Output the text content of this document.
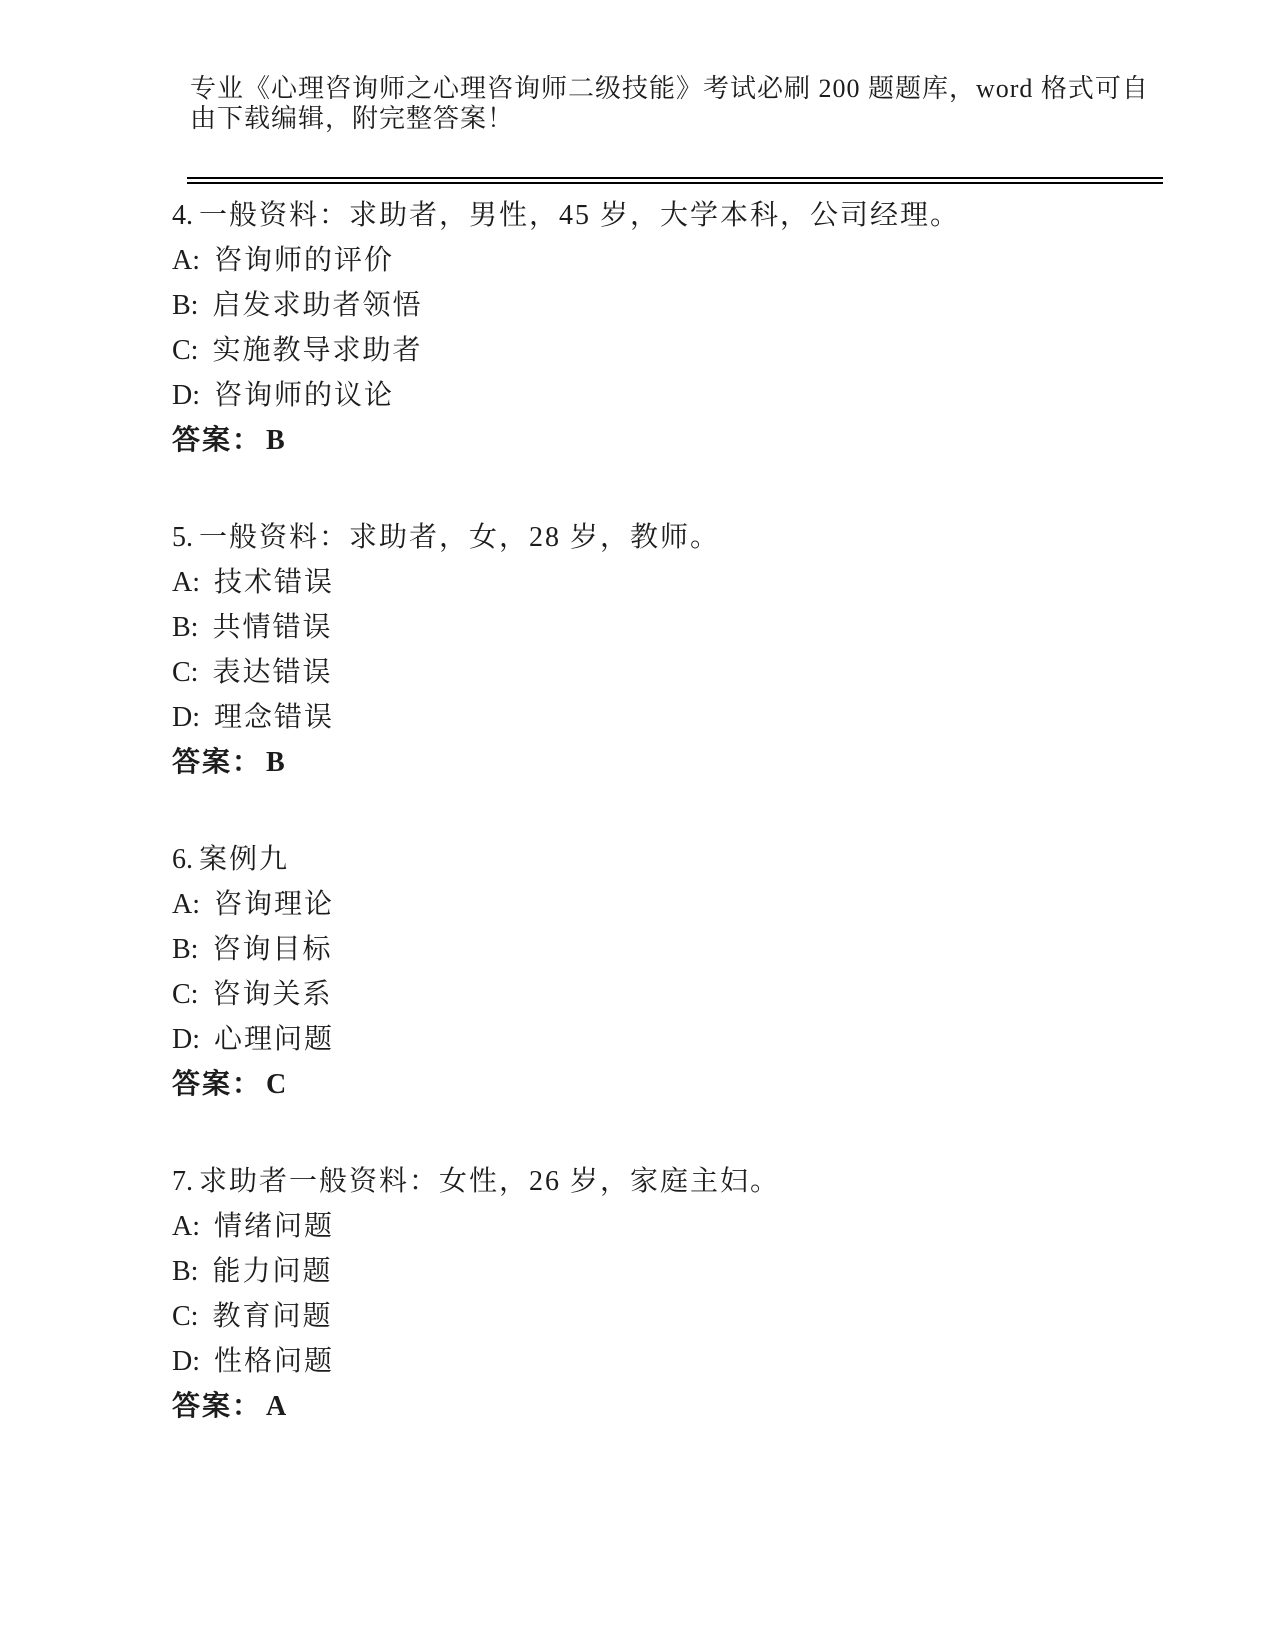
专业《心理咨询师之心理咨询师二级技能》考试必刷 200 题题库，word 格式可自
由下载编辑，附完整答案！
4. 一般资料：求助者，男性，45 岁，大学本科，公司经理。
A: 咨询师的评价
B: 启发求助者领悟
C: 实施教导求助者
D: 咨询师的议论
答案： B
5. 一般资料：求助者，女，28 岁，教师。
A: 技术错误
B: 共情错误
C: 表达错误
D: 理念错误
答案： B
6. 案例九
A: 咨询理论
B: 咨询目标
C: 咨询关系
D: 心理问题
答案： C
7. 求助者一般资料：女性，26 岁，家庭主妇。
A: 情绪问题
B: 能力问题
C: 教育问题
D: 性格问题
答案： A
